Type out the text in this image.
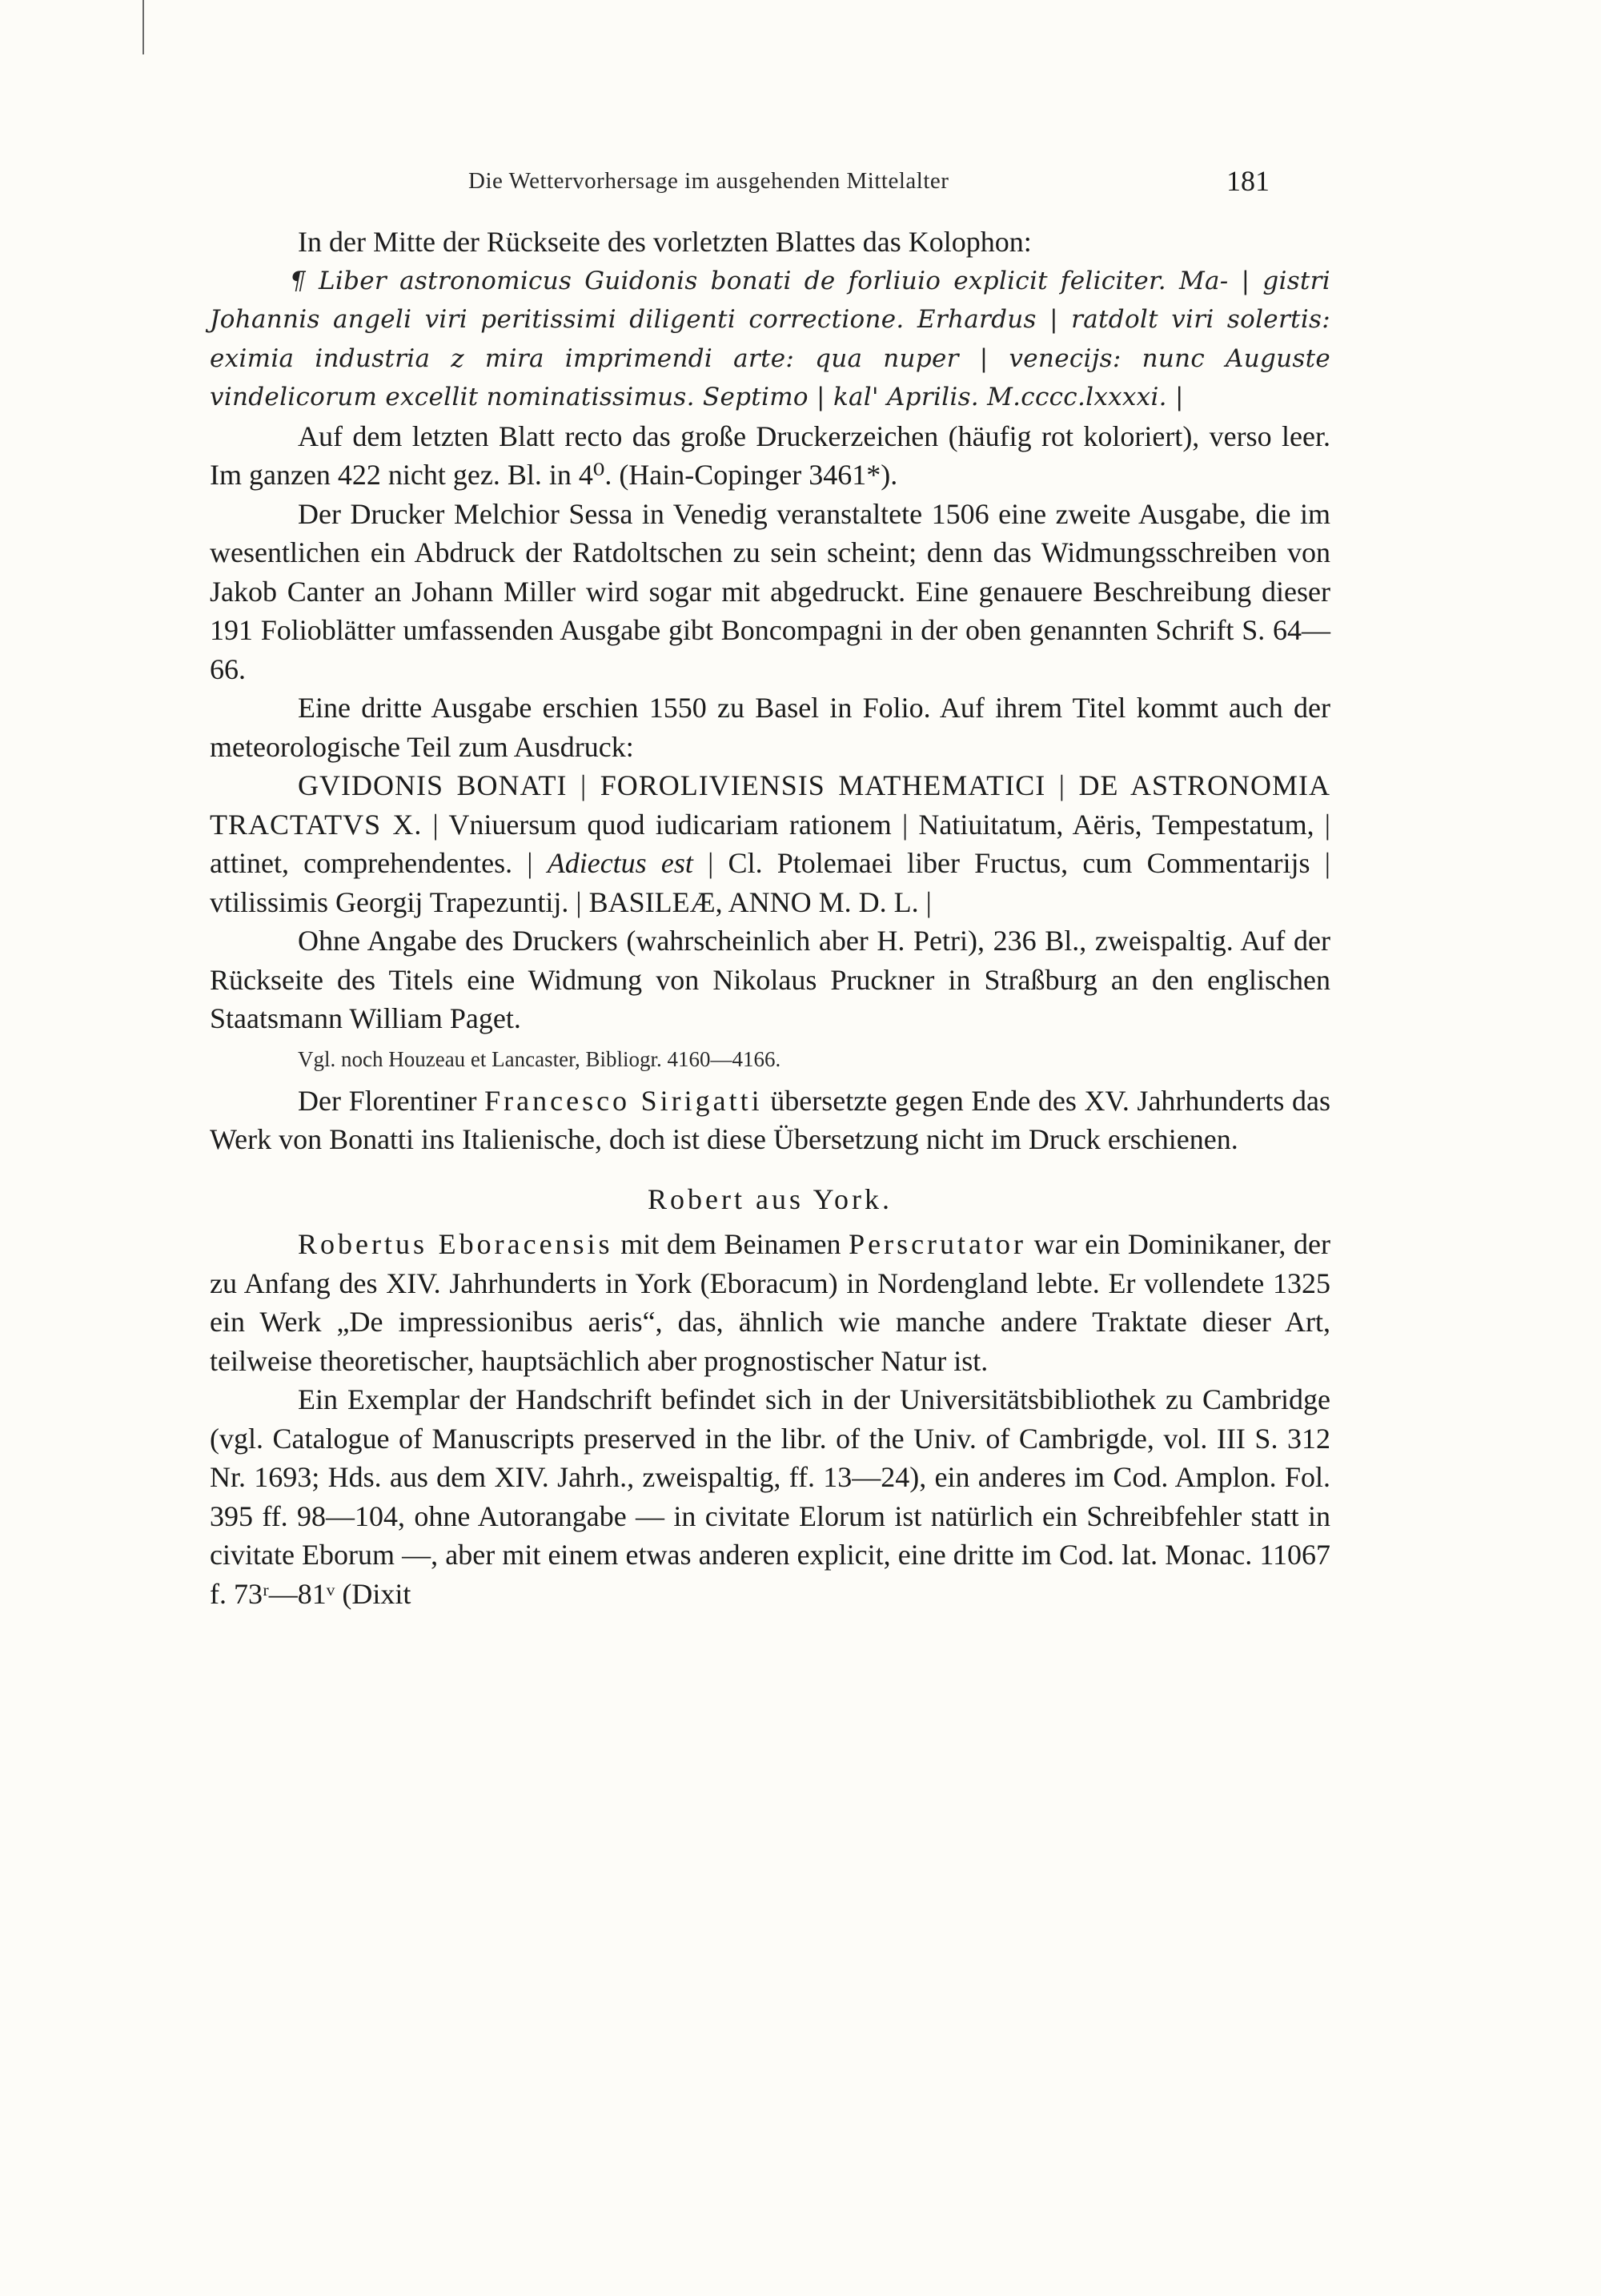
Die Wettervorhersage im ausgehenden Mittelalter	181

In der Mitte der Rückseite des vorletzten Blattes das Kolophon:

¶ Liber astronomicus Guidonis bonati de forliuio explicit feliciter. Ma- | gistri Johannis angeli viri peritissimi diligenti correctione. Erhardus | ratdolt viri solertis: eximia industria z mira imprimendi arte: qua nuper | venecijs: nunc Auguste vindelicorum excellit nominatissimus. Septimo | kal' Aprilis. M.cccc.lxxxxi. |

Auf dem letzten Blatt recto das große Druckerzeichen (häufig rot koloriert), verso leer. Im ganzen 422 nicht gez. Bl. in 4⁰. (Hain-Copinger 3461*).

Der Drucker Melchior Sessa in Venedig veranstaltete 1506 eine zweite Ausgabe, die im wesentlichen ein Abdruck der Ratdoltschen zu sein scheint; denn das Widmungsschreiben von Jakob Canter an Johann Miller wird sogar mit abgedruckt. Eine genauere Beschreibung dieser 191 Folioblätter umfassenden Ausgabe gibt Boncompagni in der oben genannten Schrift S. 64—66.

Eine dritte Ausgabe erschien 1550 zu Basel in Folio. Auf ihrem Titel kommt auch der meteorologische Teil zum Ausdruck:

GVIDONIS BONATI | FOROLIVIENSIS MATHEMATICI | DE ASTRONOMIA TRACTATVS X. | Vniuersum quod iudicariam rationem | Natiuitatum, Aëris, Tempestatum, | attinet, comprehendentes. | Adiectus est | Cl. Ptolemaei liber Fructus, cum Commentarijs | vtilissimis Georgij Trapezuntij. | BASILEÆ, ANNO M. D. L. |

Ohne Angabe des Druckers (wahrscheinlich aber H. Petri), 236 Bl., zweispaltig. Auf der Rückseite des Titels eine Widmung von Nikolaus Pruckner in Straßburg an den englischen Staatsmann William Paget.

Vgl. noch Houzeau et Lancaster, Bibliogr. 4160—4166.

Der Florentiner Francesco Sirigatti übersetzte gegen Ende des XV. Jahrhunderts das Werk von Bonatti ins Italienische, doch ist diese Übersetzung nicht im Druck erschienen.

Robert aus York.

Robertus Eboracensis mit dem Beinamen Perscrutator war ein Dominikaner, der zu Anfang des XIV. Jahrhunderts in York (Eboracum) in Nordengland lebte. Er vollendete 1325 ein Werk „De impressionibus aeris“, das, ähnlich wie manche andere Traktate dieser Art, teilweise theoretischer, hauptsächlich aber prognostischer Natur ist.

Ein Exemplar der Handschrift befindet sich in der Universitätsbibliothek zu Cambridge (vgl. Catalogue of Manuscripts preserved in the libr. of the Univ. of Cambrigde, vol. III S. 312 Nr. 1693; Hds. aus dem XIV. Jahrh., zweispaltig, ff. 13—24), ein anderes im Cod. Amplon. Fol. 395 ff. 98—104, ohne Autorangabe — in civitate Elorum ist natürlich ein Schreibfehler statt in civitate Eborum —, aber mit einem etwas anderen explicit, eine dritte im Cod. lat. Monac. 11067 f. 73ʳ—81ᵛ (Dixit
